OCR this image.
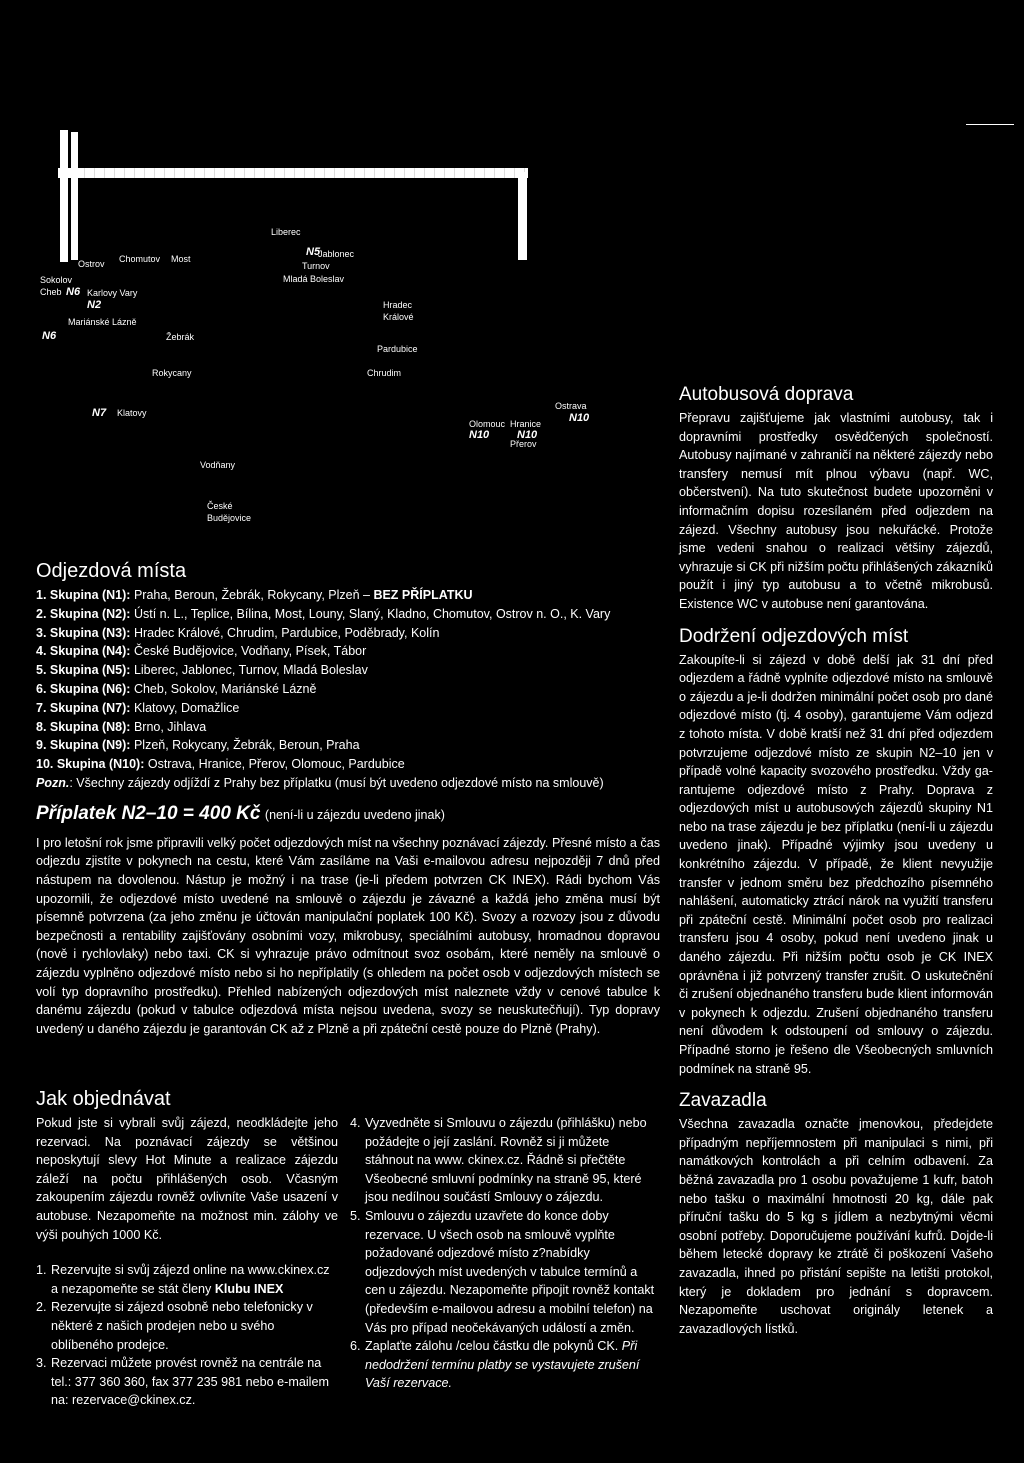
Liberec
Jablonec
Turnov
Mladá Boleslav
Ostrov Chomutov Most
Sokolov
Cheb	Karlovy Vary
Mariánské Lázně
Žebrák
Hradec
Králové
Pardubice
Rokycany	Chrudim
Klatovy
Ostrava
Olomouc Hranice
Přerov
Vodňany
České
Budějovice
N5
N6
N2
N6
N7	N10
N10	N10
Odjezdová místa
1. Skupina (N1): Praha, Beroun, Žebrák, Rokycany, Plzeň – BEZ PŘÍPLATKU
2. Skupina (N2): Ústí n. L., Teplice, Bílina, Most, Louny, Slaný, Kladno, Chomutov, Ostrov n. O., K. Vary
3. Skupina (N3): Hradec Králové, Chrudim, Pardubice, Poděbrady, Kolín
4. Skupina (N4): České Budějovice, Vodňany, Písek, Tábor
5. Skupina (N5): Liberec, Jablonec, Turnov, Mladá Boleslav
6. Skupina (N6): Cheb, Sokolov, Mariánské Lázně
7. Skupina (N7): Klatovy, Domažlice
8. Skupina (N8): Brno, Jihlava
9. Skupina (N9): Plzeň, Rokycany, Žebrák, Beroun, Praha
10. Skupina (N10): Ostrava, Hranice, Přerov, Olomouc, Pardubice
Pozn.: Všechny zájezdy odjíždí z Prahy bez příplatku (musí být uvedeno odjezdové místo na smlouvě)
Příplatek N2–10 = 400 Kč (není-li u zájezdu uvedeno jinak)

I pro letošní rok jsme připravili velký počet odjezdových míst na všechny poznávací zájezdy. Přesné místo a čas odjezdu zjistíte v pokynech na cestu, které Vám zasíláme na Vaši e-mailovou adresu nejpozději 7 dnů před nástupem na dovolenou. Nástup je možný i na trase (je-li předem potvrzen CK INEX). Rádi bychom Vás upozornili, že odjezdové místo uvedené na smlouvě o zájezdu je závazné a každá jeho změna musí být písemně potvrzena (za jeho změnu je účtován manipulační poplatek 100 Kč). Svozy a rozvozy jsou z důvodu bezpečnosti a rentability zajišťovány osobními vozy, mikrobusy, speciálními autobusy, hromadnou dopravou (nově i rychlovlaky) nebo taxi. CK si vyhrazuje právo odmítnout svoz osobám, které neměly na smlouvě o zájezdu vyplněno odjezdové místo nebo si ho nepříplatily (s ohledem na počet osob v odjezdových místech se volí typ dopravního prostředku). Přehled nabízených odjezdových míst naleznete vždy v cenové tabulce k danému zájezdu (pokud v tabulce odjezdová místa nejsou uvedena, svozy se neuskutečňují). Typ dopravy uvedený u daného zájezdu je garantován CK až z Plzně a při zpáteční cestě pouze do Plzně (Prahy).

Jak objednávat

Pokud jste si vybrali svůj zájezd, neodkládejte jeho rezervaci. Na poznávací zájezdy se většinou neposkytují slevy Hot Minute a realizace zájezdu záleží na počtu přihlášených osob. Včasným zakoupením zájezdu rovněž ovlivníte Vaše usazení v autobuse. Nezapomeňte na možnost min. zálohy ve výši pouhých 1000 Kč.

1. Rezervujte si svůj zájezd online na www.ckinex.cz a nezapomeňte se stát členy Klubu INEX
2. Rezervujte si zájezd osobně nebo telefonicky v některé z našich prodejen nebo u svého oblíbeného prodejce.
3. Rezervaci můžete provést rovněž na centrále na tel.: 377 360 360, fax 377 235 981 nebo e-mailem na: rezervace@ckinex.cz.
4. Vyzvedněte si Smlouvu o zájezdu (přihlášku) nebo požádejte o její zaslání. Rovněž si ji můžete stáhnout na www. ckinex.cz. Řádně si přečtěte Všeobecné smluvní podmínky na straně 95, které jsou nedílnou součástí Smlouvy o zájezdu.
5. Smlouvu o zájezdu uzavřete do konce doby rezervace. U všech osob na smlouvě vyplňte požadované odjezdové místo z?nabídky odjezdových míst uvedených v tabulce termínů a cen u zájezdu. Nezapomeňte připojit rovněž kontakt (především e-mailovou adresu a mobilní telefon) na Vás pro případ neočekávaných událostí a změn.
6. Zaplaťte zálohu /celou částku dle pokynů CK. Při nedodržení termínu platby se vystavujete zrušení Vaší rezervace.
Autobusová doprava

Přepravu zajišťujeme jak vlastními autobusy, tak i dopravními prostředky osvědčených společností. Autobusy najímané v zahraničí na některé zájezdy nebo transfery nemusí mít plnou výbavu (např. WC, občerstvení). Na tuto skutečnost budete upozorněni v informačním dopisu rozesílaném před odjezdem na zájezd. Všechny autobusy jsou nekuřácké. Protože jsme vedeni snahou o realizaci většiny zájezdů, vyhrazuje si CK při nižším počtu přihlášených zákazníků použít i jiný typ autobusu a to včetně mikrobusů. Existence WC v autobuse není garantována.

Dodržení odjezdových míst

Zakoupíte-li si zájezd v době delší jak 31 dní před odjezdem a řádně vyplníte odjezdové místo na smlouvě o zájezdu a je-li dodržen minimální počet osob pro dané odjezdové místo (tj. 4 osoby), garantujeme Vám odjezd z tohoto místa. V době kratší než 31 dní před odjezdem potvrzujeme odjezdové místo ze skupin N2–10 jen v případě volné kapacity svozového prostředku. Vždy garantujeme odjezdové místo z Prahy. Doprava z odjezdových míst u autobusových zájezdů skupiny N1 nebo na trase zájezdu je bez příplatku (není-li u zájezdu uvedeno jinak). Případné výjimky jsou uvedeny u konkrétního zájezdu. V případě, že klient nevyužije transfer v jednom směru bez předchozího písemného nahlášení, automaticky ztrácí nárok na využití transferu při zpáteční cestě. Minimální počet osob pro realizaci transferu jsou 4 osoby, pokud není uvedeno jinak u daného zájezdu. Při nižším počtu osob je CK INEX oprávněna i již potvrzený transfer zrušit. O uskutečnění či zrušení objednaného transferu bude klient informován v pokynech k odjezdu. Zrušení objednaného transferu není důvodem k odstoupení od smlouvy o zájezdu. Případné storno je řešeno dle Všeobecných smluvních podmínek na straně 95.

Zavazadla

Všechna zavazadla označte jmenovkou, předejdete případným nepříjemnostem při manipulaci s nimi, při namátkových kontrolách a při celním odbavení. Za běžná zavazadla pro 1 osobu považujeme 1 kufr, batoh nebo tašku o maximální hmotnosti 20 kg, dále pak příruční tašku do 5 kg s jídlem a nezbytnými věcmi osobní potřeby. Doporučujeme používání kufrů. Dojde-li během letecké dopravy ke ztrátě či poškození Vašeho zavazadla, ihned po přistání sepište na letišti protokol, který je dokladem pro jednání s dopravcem. Nezapomeňte uschovat originály letenek a zavazadlových lístků.
